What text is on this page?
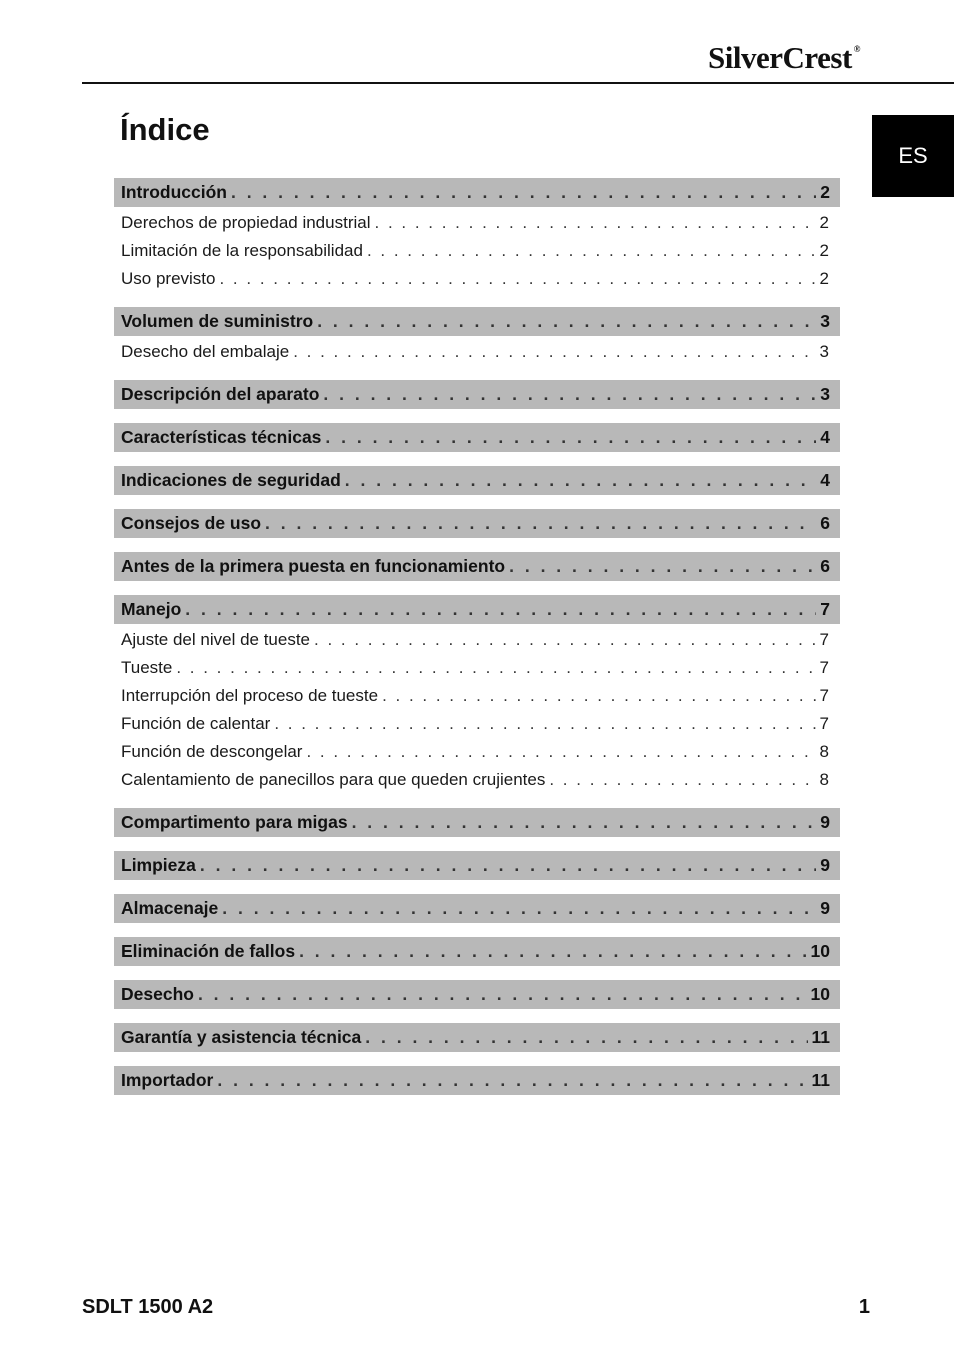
SilverCrest ®
ES
Índice
Introducción . . .	2
Derechos de propiedad industrial . . .	2
Limitación de la responsabilidad . . .	2
Uso previsto . . .	2
Volumen de suministro . . .	3
Desecho del embalaje . . .	3
Descripción del aparato . . .	3
Características técnicas . . .	4
Indicaciones de seguridad . . .	4
Consejos de uso . . .	6
Antes de la primera puesta en funcionamiento . . .	6
Manejo . . .	7
Ajuste del nivel de tueste . . .	7
Tueste . . .	7
Interrupción del proceso de tueste . . .	7
Función de calentar . . .	7
Función de descongelar . . .	8
Calentamiento de panecillos para que queden crujientes . . .	8
Compartimento para migas . . .	9
Limpieza . . .	9
Almacenaje . . .	9
Eliminación de fallos . . .	10
Desecho . . .	10
Garantía y asistencia técnica . . .	11
Importador . . .	11
SDLT 1500 A2	1
